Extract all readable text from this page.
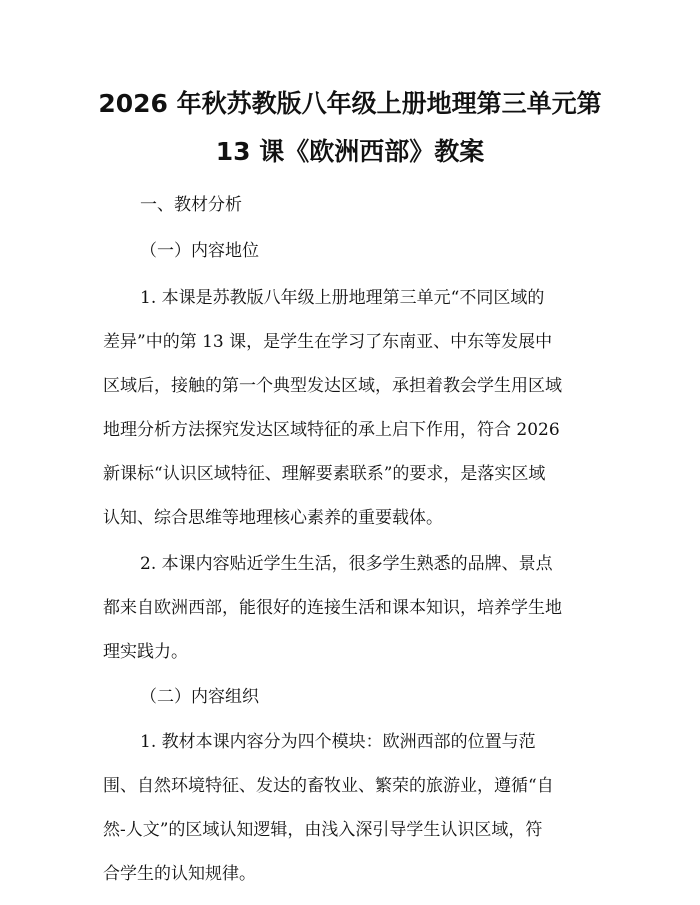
2026 年秋苏教版八年级上册地理第三单元第
13 课《欧洲西部》教案
一、教材分析
（一）内容地位
1. 本课是苏教版八年级上册地理第三单元“不同区域的
差异”中的第 13 课，是学生在学习了东南亚、中东等发展中
区域后，接触的第一个典型发达区域，承担着教会学生用区域
地理分析方法探究发达区域特征的承上启下作用，符合 2026
新课标“认识区域特征、理解要素联系”的要求，是落实区域
认知、综合思维等地理核心素养的重要载体。
2. 本课内容贴近学生生活，很多学生熟悉的品牌、景点
都来自欧洲西部，能很好的连接生活和课本知识，培养学生地
理实践力。
（二）内容组织
1. 教材本课内容分为四个模块：欧洲西部的位置与范
围、自然环境特征、发达的畜牧业、繁荣的旅游业，遵循“自
然-人文”的区域认知逻辑，由浅入深引导学生认识区域，符
合学生的认知规律。
